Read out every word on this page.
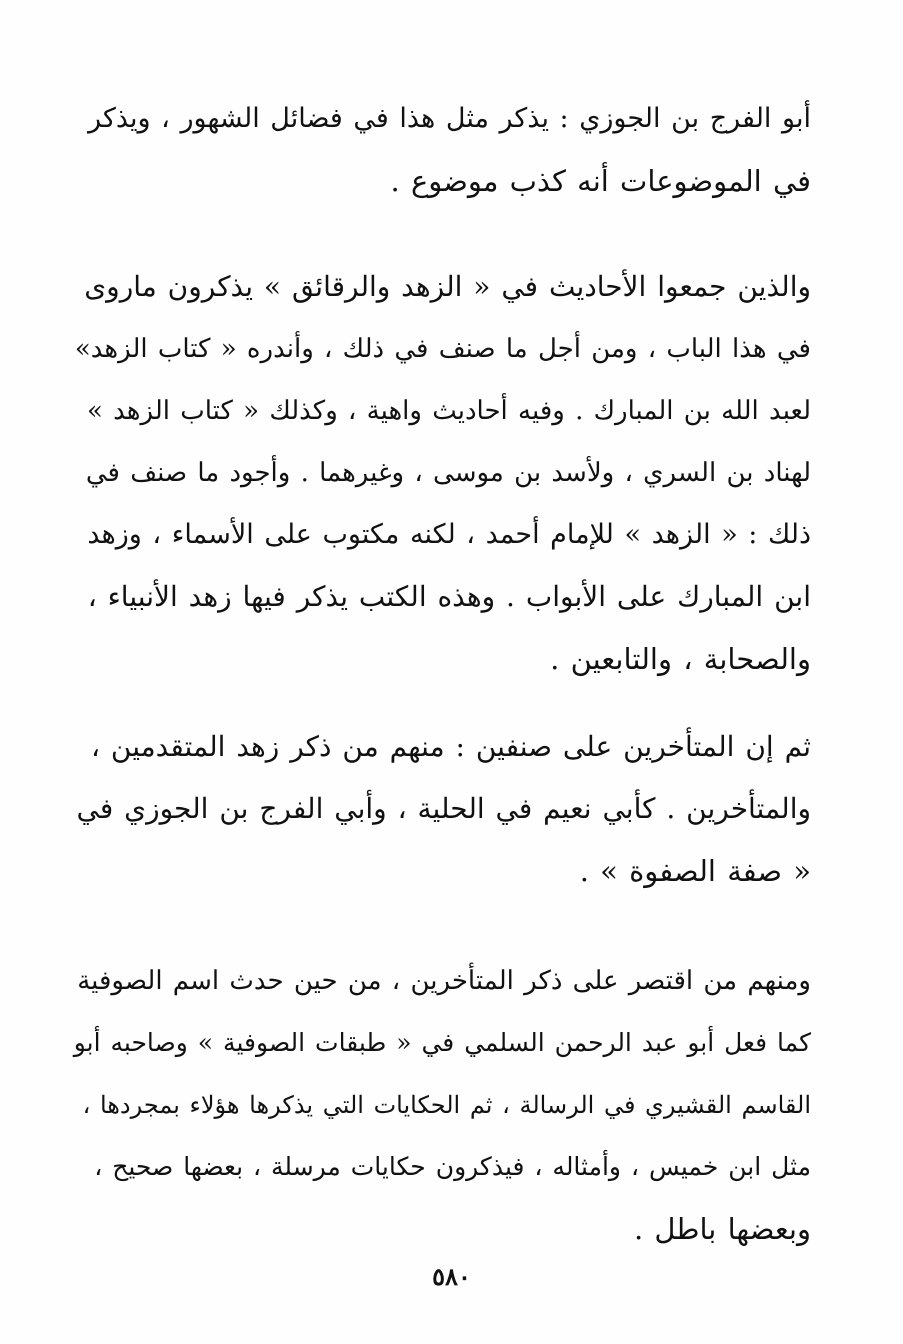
أبو الفرج بن الجوزي : يذكر مثل هذا في فضائل الشهور ، ويذكر
في الموضوعات أنه كذب موضوع .
والذين جمعوا الأحاديث في « الزهد والرقائق » يذكرون ماروى
في هذا الباب ، ومن أجل ما صنف في ذلك ، وأندره « كتاب الزهد»
لعبد الله بن المبارك . وفيه أحاديث واهية ، وكذلك « كتاب الزهد »
لهناد بن السري ، ولأسد بن موسى ، وغيرهما . وأجود ما صنف في
ذلك : « الزهد » للإمام أحمد ، لكنه مكتوب على الأسماء ، وزهد
ابن المبارك على الأبواب . وهذه الكتب يذكر فيها زهد الأنبياء ،
والصحابة ، والتابعين .
ثم إن المتأخرين على صنفين : منهم من ذكر زهد المتقدمين ،
والمتأخرين . كأبي نعيم في الحلية ، وأبي الفرج بن الجوزي في
« صفة الصفوة » .
ومنهم من اقتصر على ذكر المتأخرين ، من حين حدث اسم الصوفية
كما فعل أبو عبد الرحمن السلمي في « طبقات الصوفية » وصاحبه أبو
القاسم القشيري في الرسالة ، ثم الحكايات التي يذكرها هؤلاء بمجردها ،
مثل ابن خميس ، وأمثاله ، فيذكرون حكايات مرسلة ، بعضها صحيح ،
وبعضها باطل .
٥٨٠
